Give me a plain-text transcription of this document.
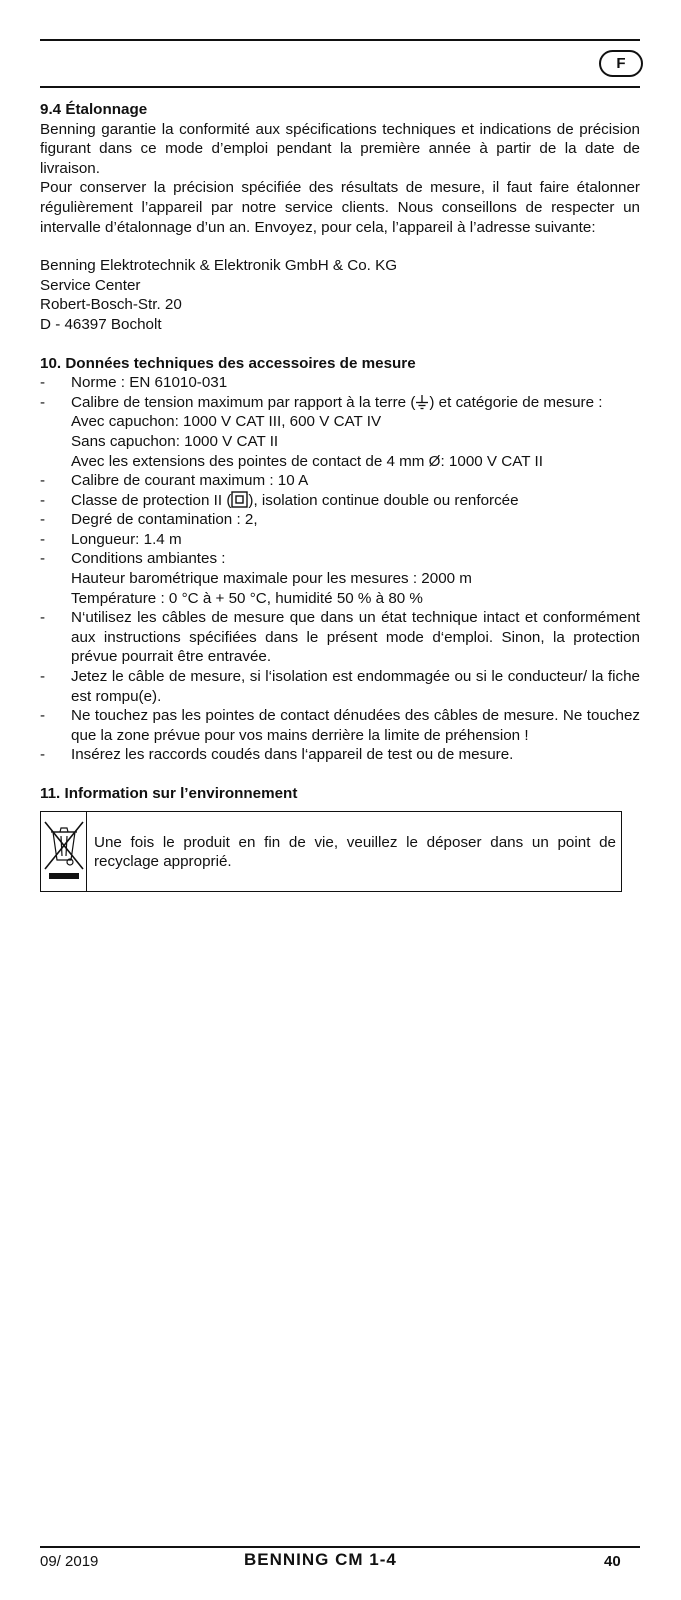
F
9.4 Étalonnage

Benning garantie la conformité aux spécifications techniques et indications de précision figurant dans ce mode d’emploi pendant la première année à partir de la date de livraison.

Pour conserver la précision spécifiée des résultats de mesure, il faut faire étalonner régulièrement l’appareil par notre service clients. Nous conseillons de respecter un intervalle d’étalonnage d’un an. Envoyez, pour cela, l’appareil à l’adresse suivante:

Benning Elektrotechnik & Elektronik GmbH & Co. KG
Service Center
Robert-Bosch-Str. 20
D - 46397 Bocholt
10. Données techniques des accessoires de mesure
- Norme : EN 61010-031
- Calibre de tension maximum par rapport à la terre ( ) et catégorie de mesure :
Avec capuchon: 1000 V CAT III, 600 V CAT IV
Sans capuchon: 1000 V CAT II
Avec les extensions des pointes de contact de 4 mm Ø: 1000 V CAT II
- Calibre de courant maximum : 10 A
- Classe de protection II ( ), isolation continue double ou renforcée
- Degré de contamination : 2,
- Longueur: 1.4 m
- Conditions ambiantes :
Hauteur barométrique maximale pour les mesures : 2000 m
Température : 0 °C à + 50 °C, humidité 50 % à 80 %
- N‘utilisez les câbles de mesure que dans un état technique intact et conformément aux instructions spécifiées dans le présent mode d‘emploi. Sinon, la protection prévue pourrait être entravée.
- Jetez le câble de mesure, si l‘isolation est endommagée ou si le conducteur/ la fiche est rompu(e).
- Ne touchez pas les pointes de contact dénudées des câbles de mesure. Ne touchez que la zone prévue pour vos mains derrière la limite de préhension !
- Insérez les raccords coudés dans l‘appareil de test ou de mesure.
11. Information sur l’environnement
Une fois le produit en fin de vie, veuillez le déposer dans un point de recyclage approprié.
09/ 2019	BENNING CM 1-4	40
